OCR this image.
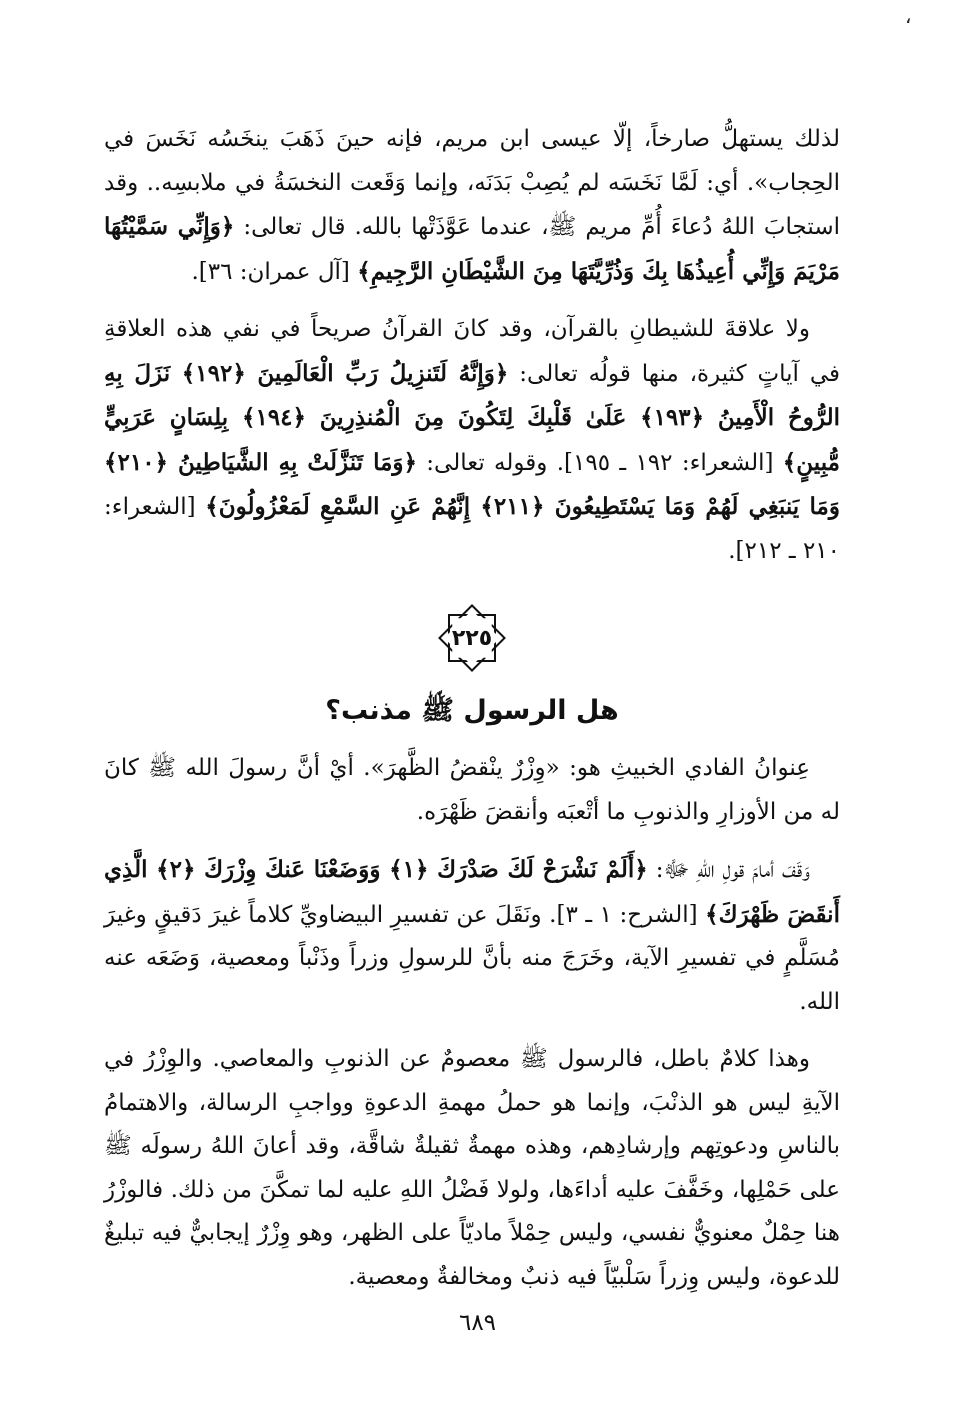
،

لذلك يستهلُّ صارخاً، إلّا عيسى ابن مريم، فإنه حينَ ذَهَبَ ينخَسُه نَخَسَ في الحِجاب». أي: لَمَّا نَخَسَه لم يُصِبْ بَدَنَه، وإنما وَقَعت النخسَةُ في ملابسِه.. وقد استجابَ اللهُ دُعاءَ أُمِّ مريم ﷺ، عندما عَوَّذَتْها بالله. قال تعالى: ﴿وَإِنِّي سَمَّيْتُهَا مَرْيَمَ وَإِنِّي أُعِيذُهَا بِكَ وَذُرِّيَّتَهَا مِنَ الشَّيْطَانِ الرَّجِيمِ﴾ [آل عمران: ٣٦].

ولا علاقةَ للشيطانِ بالقرآن، وقد كانَ القرآنُ صريحاً في نفي هذه العلاقةِ في آياتٍ كثيرة، منها قولُه تعالى: ﴿وَإِنَّهُ لَتَنزِيلُ رَبِّ الْعَالَمِينَ ﴿١٩٢﴾ نَزَلَ بِهِ الرُّوحُ الْأَمِينُ ﴿١٩٣﴾ عَلَىٰ قَلْبِكَ لِتَكُونَ مِنَ الْمُنذِرِينَ ﴿١٩٤﴾ بِلِسَانٍ عَرَبِيٍّ مُّبِينٍ﴾ [الشعراء: ١٩٢ ـ ١٩٥]. وقوله تعالى: ﴿وَمَا تَنَزَّلَتْ بِهِ الشَّيَاطِينُ ﴿٢١٠﴾ وَمَا يَنبَغِي لَهُمْ وَمَا يَسْتَطِيعُونَ ﴿٢١١﴾ إِنَّهُمْ عَنِ السَّمْعِ لَمَعْزُولُونَ﴾ [الشعراء: ٢١٠ ـ ٢١٢].

٢٢٥
هل الرسول ﷺ مذنب؟

عِنوانُ الفادي الخبيثِ هو: «وِزْرٌ ينْقضُ الظَّهرَ». أيْ أنَّ رسولَ الله ﷺ كانَ له من الأوزارِ والذنوبِ ما أتْعبَه وأنقضَ ظَهْرَه.

وَقَفَ أمامَ قولِ اللهِ ﷻ: ﴿أَلَمْ نَشْرَحْ لَكَ صَدْرَكَ ﴿١﴾ وَوَضَعْنَا عَنكَ وِزْرَكَ ﴿٢﴾ الَّذِي أَنقَضَ ظَهْرَكَ﴾ [الشرح: ١ ـ ٣]. ونَقَلَ عن تفسيرِ البيضاويِّ كلاماً غيرَ دَقيقٍ وغيرَ مُسَلَّمٍ في تفسيرِ الآية، وخَرَجَ منه بأنَّ للرسولِ وزراً وذَنْباً ومعصية، وَضَعَه عنه الله.

وهذا كلامٌ باطل، فالرسول ﷺ معصومٌ عن الذنوبِ والمعاصي. والوِزْرُ في الآيةِ ليس هو الذنْبَ، وإنما هو حملُ مهمةِ الدعوةِ وواجبِ الرسالة، والاهتمامُ بالناسِ ودعوتِهم وإرشادِهم، وهذه مهمةٌ ثقيلةٌ شاقَّة، وقد أعانَ اللهُ رسولَه ﷺ على حَمْلِها، وخَفَّفَ عليه أداءَها، ولولا فَضْلُ اللهِ عليه لما تمكَّنَ من ذلك. فالوزْرُ هنا حِمْلٌ معنويٌّ نفسي، وليس حِمْلاً ماديّاً على الظهر، وهو وِزْرٌ إيجابيٌّ فيه تبليغٌ للدعوة، وليس وِزراً سَلْبيّاً فيه ذنبٌ ومخالفةٌ ومعصية.

٦٨٩
